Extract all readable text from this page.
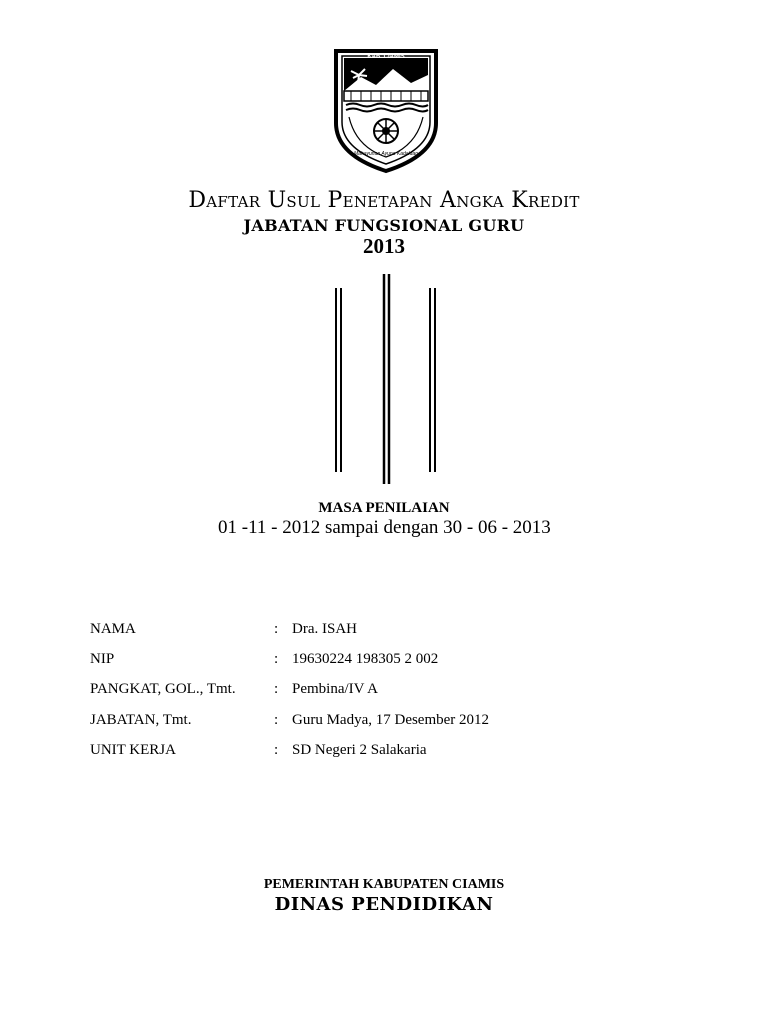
KAB. CIAMIS
Mahayunan Ayuna Kadaluan
Daftar Usul Penetapan Angka Kredit
JABATAN FUNGSIONAL GURU
2013
MASA PENILAIAN
01 -11 - 2012 sampai dengan 30 - 06 - 2013
NAMA	: Dra. ISAH
NIP	: 19630224 198305 2 002
PANGKAT, GOL., Tmt.	: Pembina/IV A
JABATAN, Tmt.	: Guru Madya, 17 Desember 2012
UNIT KERJA	: SD Negeri 2 Salakaria
PEMERINTAH KABUPATEN CIAMIS
DINAS PENDIDIKAN
